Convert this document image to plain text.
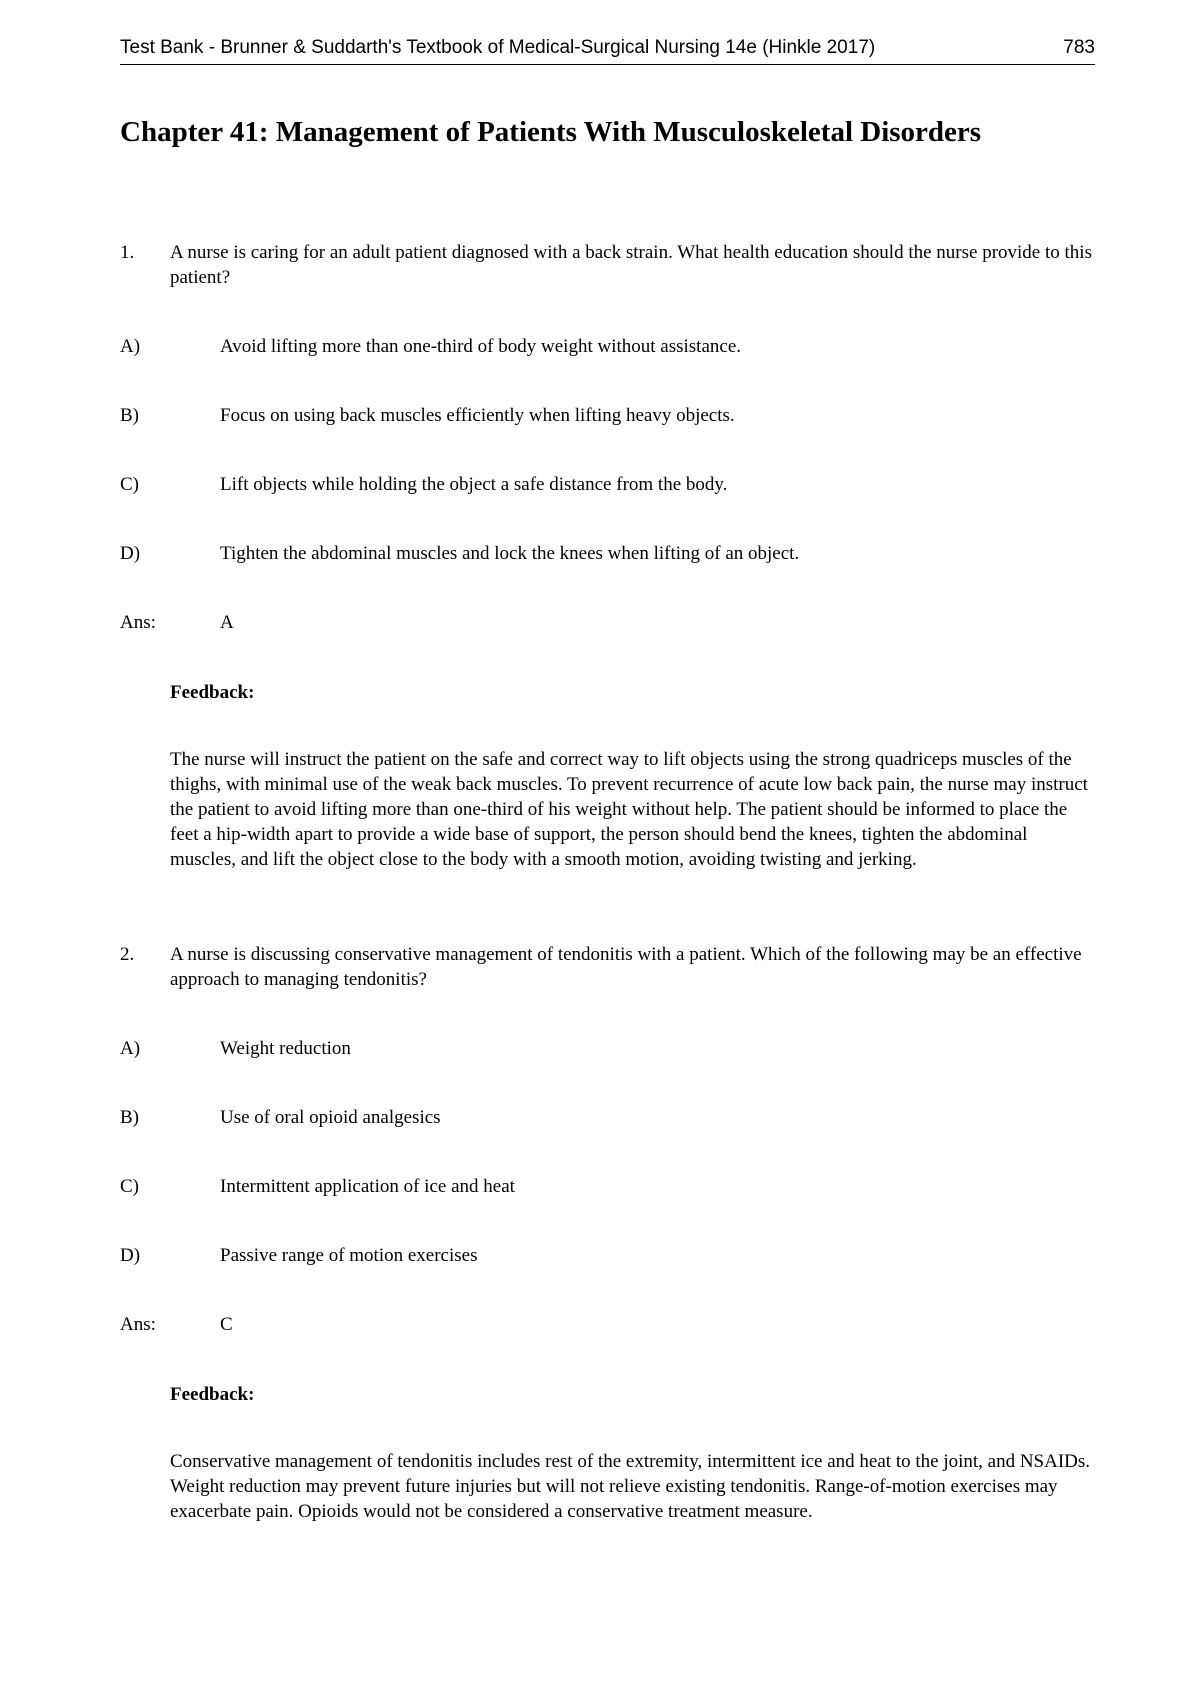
Test Bank - Brunner & Suddarth's Textbook of Medical-Surgical Nursing 14e (Hinkle 2017)	783
Chapter 41: Management of Patients With Musculoskeletal Disorders
1.	A nurse is caring for an adult patient diagnosed with a back strain. What health education should the nurse provide to this patient?
A)	Avoid lifting more than one-third of body weight without assistance.
B)	Focus on using back muscles efficiently when lifting heavy objects.
C)	Lift objects while holding the object a safe distance from the body.
D)	Tighten the abdominal muscles and lock the knees when lifting of an object.
Ans:	A
Feedback:
The nurse will instruct the patient on the safe and correct way to lift objects using the strong quadriceps muscles of the thighs, with minimal use of the weak back muscles. To prevent recurrence of acute low back pain, the nurse may instruct the patient to avoid lifting more than one-third of his weight without help. The patient should be informed to place the feet a hip-width apart to provide a wide base of support, the person should bend the knees, tighten the abdominal muscles, and lift the object close to the body with a smooth motion, avoiding twisting and jerking.
2.	A nurse is discussing conservative management of tendonitis with a patient. Which of the following may be an effective approach to managing tendonitis?
A)	Weight reduction
B)	Use of oral opioid analgesics
C)	Intermittent application of ice and heat
D)	Passive range of motion exercises
Ans:	C
Feedback:
Conservative management of tendonitis includes rest of the extremity, intermittent ice and heat to the joint, and NSAIDs. Weight reduction may prevent future injuries but will not relieve existing tendonitis. Range-of-motion exercises may exacerbate pain. Opioids would not be considered a conservative treatment measure.
